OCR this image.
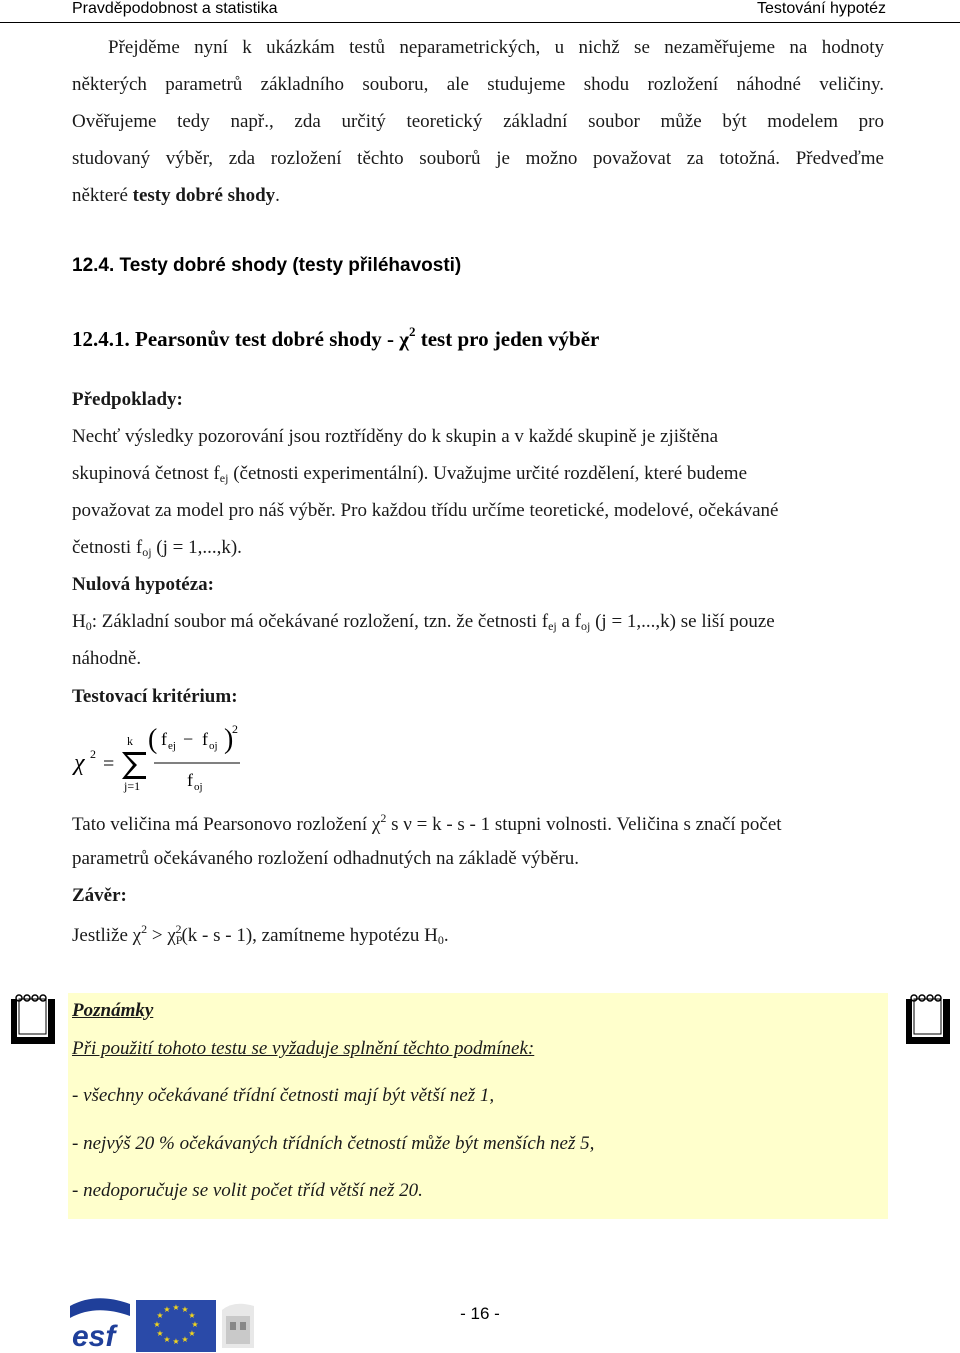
Pravděpodobnost a statistika	Testování hypotéz
Přejděme nyní k ukázkám testů neparametrických, u nichž se nezaměřujeme na hodnoty
některých parametrů základního souboru, ale studujeme shodu rozložení náhodné veličiny.
Ověřujeme tedy např., zda určitý teoretický základní soubor může být modelem pro
studovaný výběr, zda rozložení těchto souborů je možno považovat za totožná. Předveďme
některé testy dobré shody.
12.4. Testy dobré shody (testy přiléhavosti)
12.4.1. Pearsonův test dobré shody - $\chi^2$ test pro jeden výběr
Předpoklady:
Nechť výsledky pozorování jsou roztříděny do k skupin a v každé skupině je zjištěna
skupinová četnost $f_{ej}$ (četnosti experimentální). Uvažujme určité rozdělení, které budeme
považovat za model pro náš výběr. Pro každou třídu určíme teoretické, modelové, očekávané
četnosti $f_{oj}$ (j = 1,...,k).
Nulová hypotéza:
$H_0$: Základní soubor má očekávané rozložení, tzn. že četnosti $f_{ej}$ a $f_{oj}$ (j = 1,...,k) se liší pouze
náhodně.
Testovací kritérium:
χ 2 =
k
j=1
( f ej − f oj )
2
f oj
Tato veličina má Pearsonovo rozložení $\chi^2$ s ν = k - s - 1 stupni volnosti. Veličina s značí počet
parametrů očekávaného rozložení odhadnutých na základě výběru.
Závěr:
Jestliže $\chi^2 > \chi_P^2(k - s - 1)$, zamítneme hypotézu $H_0$.
Poznámky
Při použití tohoto testu se vyžaduje splnění těchto podmínek:
- všechny očekávané třídní četnosti mají být větší než 1,
- nejvýš 20 % očekávaných třídních četností může být menších než 5,
- nedoporučuje se volit počet tříd větší než 20.
esf
★ ★
★
★
★
★
★
★
★
★
★
★	- 16 -
